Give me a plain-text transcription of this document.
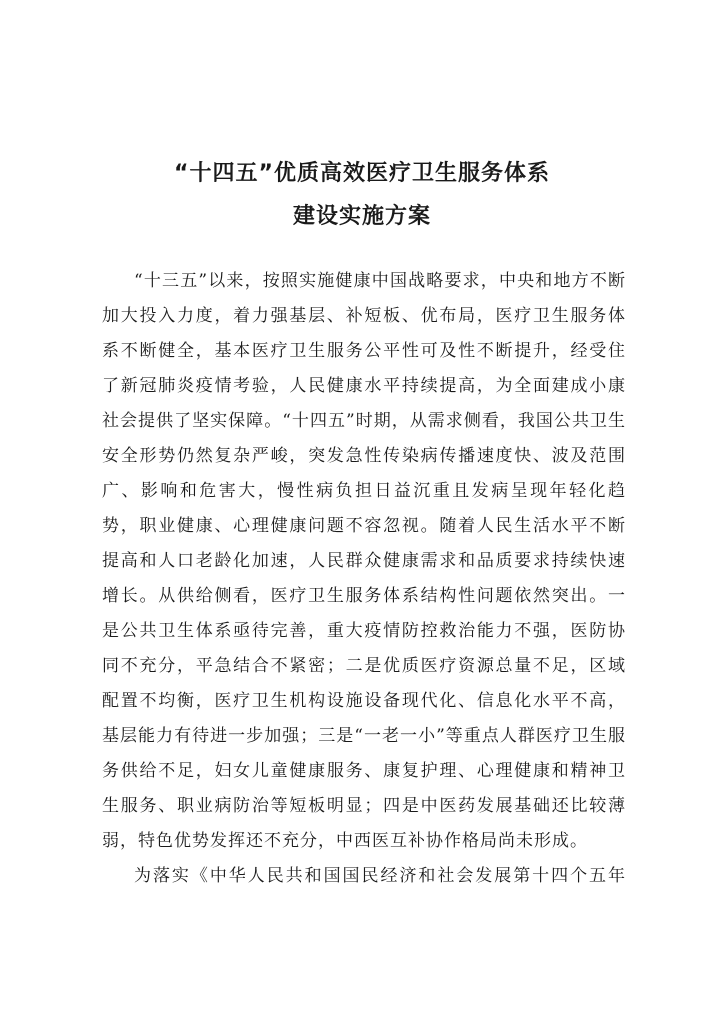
“十四五”优质高效医疗卫生服务体系
建设实施方案
“十三五”以来，按照实施健康中国战略要求，中央和地方不断
加大投入力度，着力强基层、补短板、优布局，医疗卫生服务体
系不断健全，基本医疗卫生服务公平性可及性不断提升，经受住
了新冠肺炎疫情考验，人民健康水平持续提高，为全面建成小康
社会提供了坚实保障。“十四五”时期，从需求侧看，我国公共卫生
安全形势仍然复杂严峻，突发急性传染病传播速度快、波及范围
广、影响和危害大，慢性病负担日益沉重且发病呈现年轻化趋
势，职业健康、心理健康问题不容忽视。随着人民生活水平不断
提高和人口老龄化加速，人民群众健康需求和品质要求持续快速
增长。从供给侧看，医疗卫生服务体系结构性问题依然突出。一
是公共卫生体系亟待完善，重大疫情防控救治能力不强，医防协
同不充分，平急结合不紧密；二是优质医疗资源总量不足，区域
配置不均衡，医疗卫生机构设施设备现代化、信息化水平不高，
基层能力有待进一步加强；三是“一老一小”等重点人群医疗卫生服
务供给不足，妇女儿童健康服务、康复护理、心理健康和精神卫
生服务、职业病防治等短板明显；四是中医药发展基础还比较薄
弱，特色优势发挥还不充分，中西医互补协作格局尚未形成。
为落实《中华人民共和国国民经济和社会发展第十四个五年
